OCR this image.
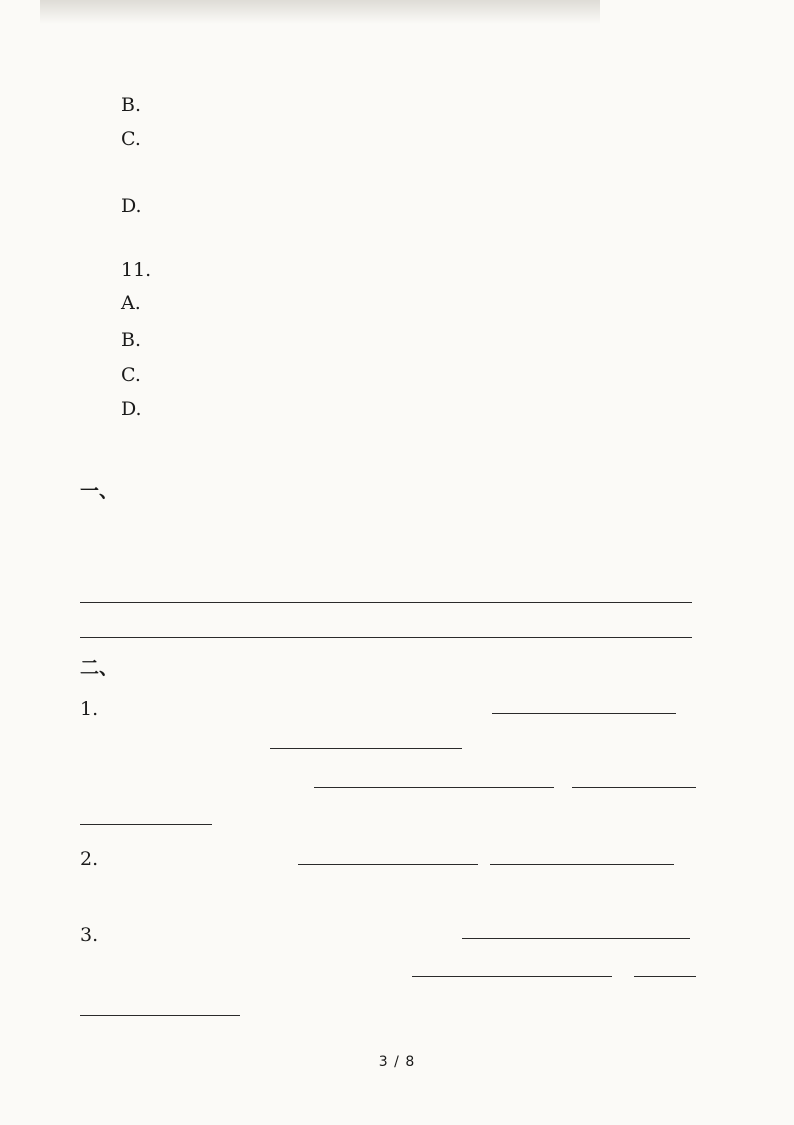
B.
C.
D.
11.
A.
B.
C.
D.
一、
二、
1.
2.
3.
3 / 8
